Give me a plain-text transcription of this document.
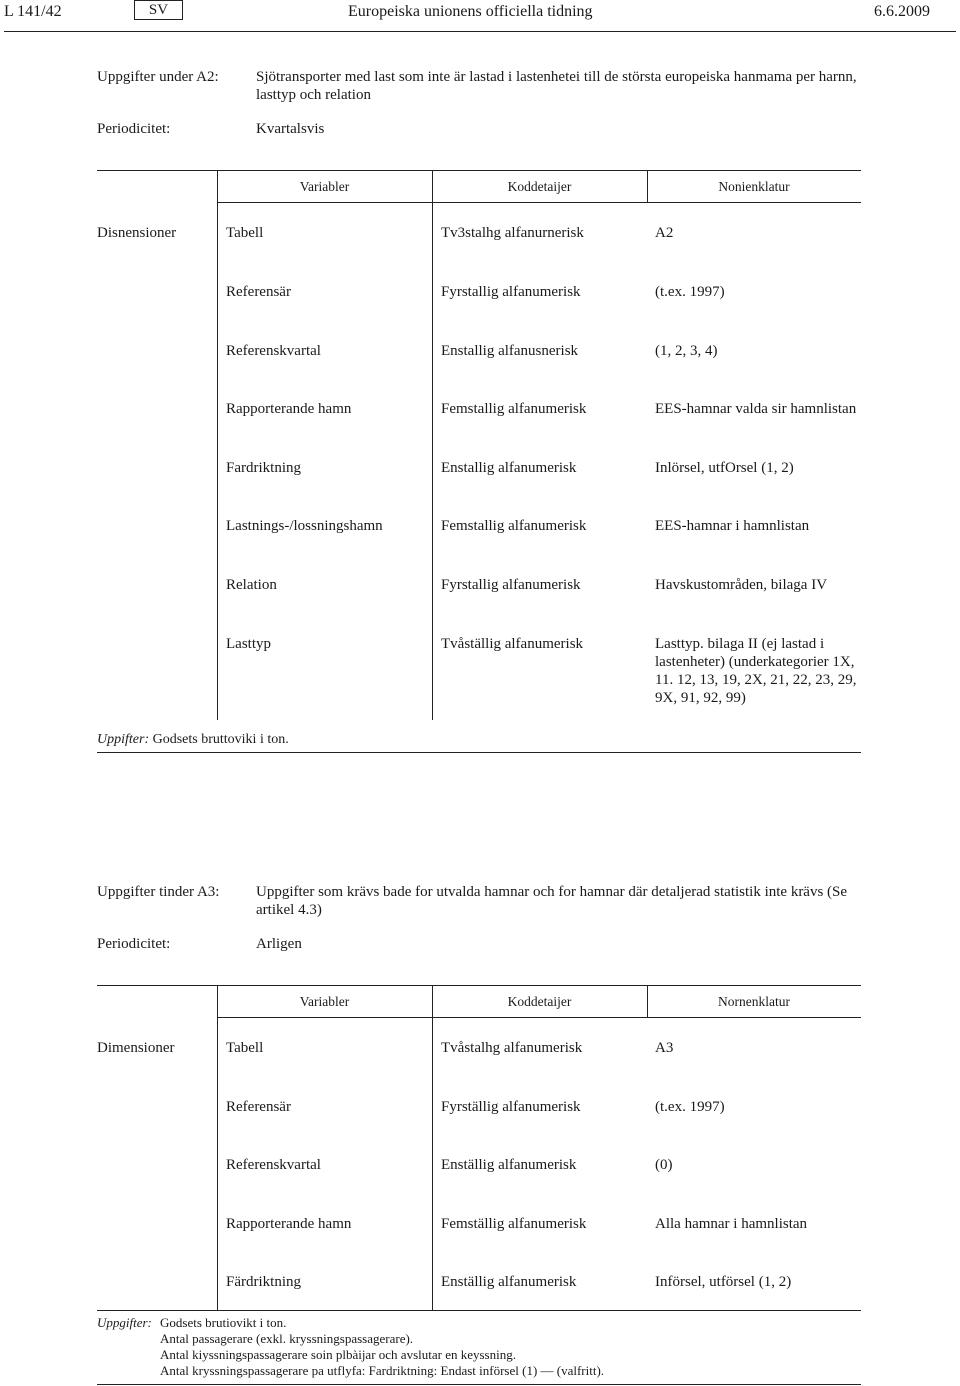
L 141/42	SV	Europeiska unionens officiella tidning	6.6.2009
Uppgifter under A2: Sjötransporter med last som inte är lastad i lastenhetei till de största europeiska hanmama per harnn, lasttyp och relation
Periodicitet:	Kvartalsvis
Variabler	Koddetaijer	Nonienklatur
Disnensioner	Tabell	Tv3stalhg alfanurnerisk	A2
Referensär	Fyrstallig alfanumerisk	(t.ex. 1997)
Referenskvartal	Enstallig alfanusnerisk	(1, 2, 3, 4)
Rapporterande hamn	Femstallig alfanumerisk	EES-hamnar valda sir hamnlistan
Fardriktning	Enstallig alfanumerisk	Inlörsel, utfOrsel (1, 2)
Lastnings-/lossningshamn	Femstallig alfanumerisk	EES-hamnar i hamnlistan
Relation	Fyrstallig alfanumerisk	Havskustområden, bilaga IV
Lasttyp	Tvåställig alfanumerisk	Lasttyp. bilaga II (ej lastad i lastenheter) (underkategorier 1X, 11. 12, 13, 19, 2X, 21, 22, 23, 29, 9X, 91, 92, 99)
Uppifter: Godsets bruttoviki i ton.
Uppgifter tinder A3: Uppgifter som krävs bade for utvalda hamnar och for hamnar där detaljerad statistik inte krävs (Se artikel 4.3)
Periodicitet:	Arligen
Variabler	Koddetaijer	Nornenklatur
Dimensioner	Tabell	Tvåstalhg alfanumerisk	A3
Referensär	Fyrställig alfanumerisk	(t.ex. 1997)
Referenskvartal	Enställig alfanumerisk	(0)
Rapporterande hamn	Femställig alfanumerisk	Alla hamnar i hamnlistan
Färdriktning	Enställig alfanumerisk	Införsel, utförsel (1, 2)
Uppgifter: Godsets brutiovikt i ton.
Antal passagerare (exkl. kryssningspassagerare).
Antal kiyssningspassagerare soin plbàijar och avslutar en keyssning.
Antal kryssningspassagerare pa utflyfa: Fardriktning: Endast införsel (1) — (valfritt).
